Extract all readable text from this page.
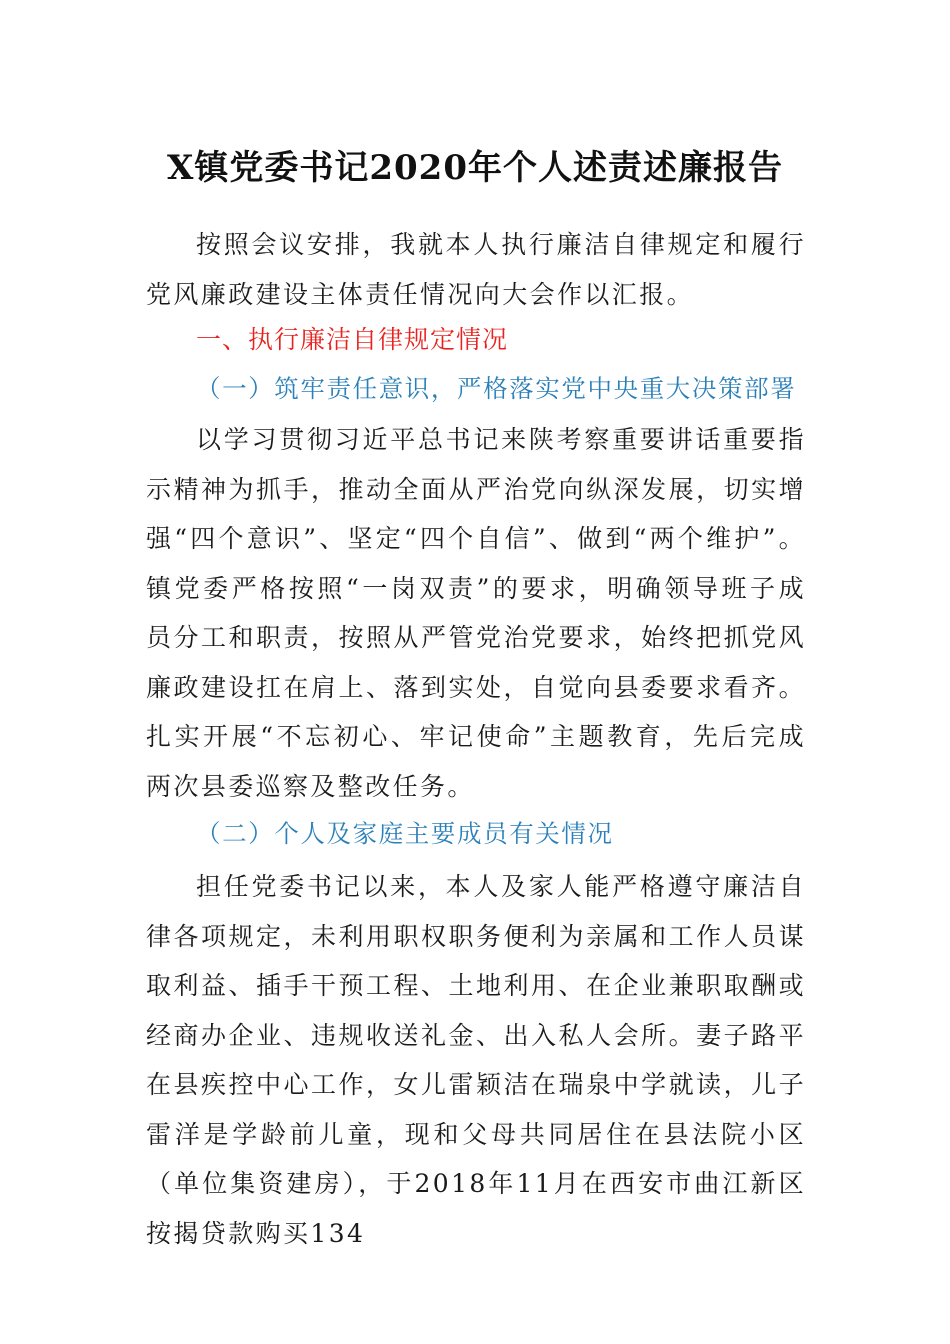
X镇党委书记2020年个人述责述廉报告

按照会议安排，我就本人执行廉洁自律规定和履行党风廉政建设主体责任情况向大会作以汇报。

一、执行廉洁自律规定情况

（一）筑牢责任意识，严格落实党中央重大决策部署

以学习贯彻习近平总书记来陕考察重要讲话重要指示精神为抓手，推动全面从严治党向纵深发展，切实增强“四个意识”、坚定“四个自信”、做到“两个维护”。镇党委严格按照“一岗双责”的要求，明确领导班子成员分工和职责，按照从严管党治党要求，始终把抓党风廉政建设扛在肩上、落到实处，自觉向县委要求看齐。扎实开展“不忘初心、牢记使命”主题教育，先后完成两次县委巡察及整改任务。

（二）个人及家庭主要成员有关情况

担任党委书记以来，本人及家人能严格遵守廉洁自律各项规定，未利用职权职务便利为亲属和工作人员谋取利益、插手干预工程、土地利用、在企业兼职取酬或经商办企业、违规收送礼金、出入私人会所。妻子路平在县疾控中心工作，女儿雷颖洁在瑞泉中学就读，儿子雷洋是学龄前儿童，现和父母共同居住在县法院小区（单位集资建房），于2018年11月在西安市曲江新区按揭贷款购买134
